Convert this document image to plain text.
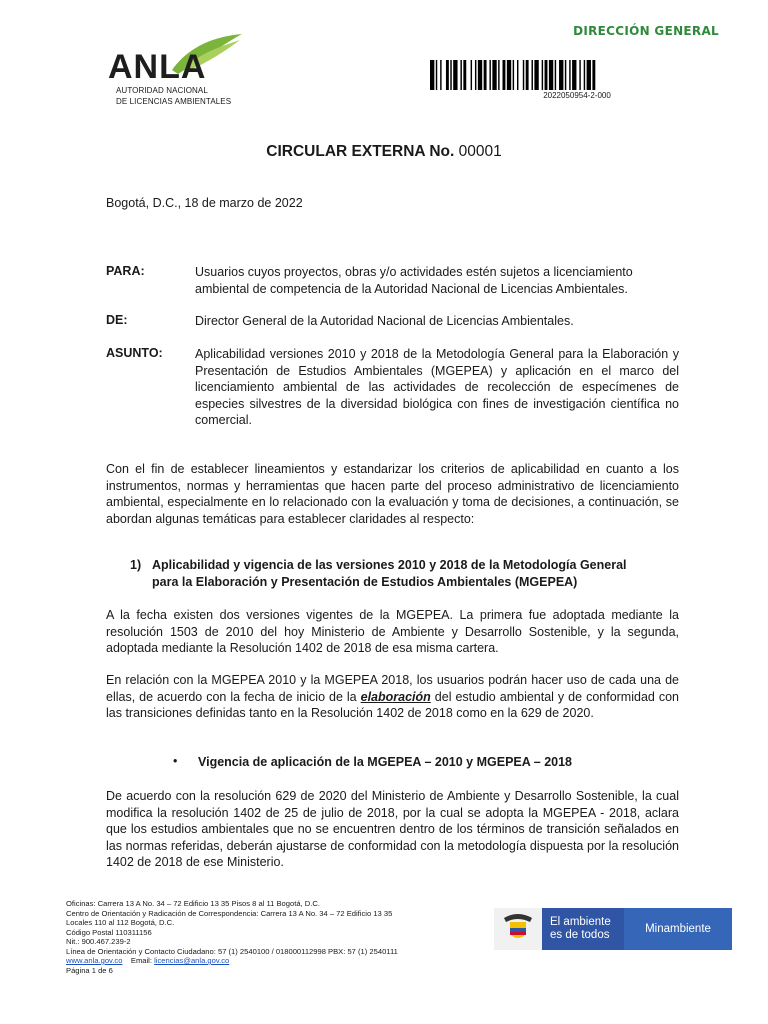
ANLA
AUTORIDAD NACIONAL
DE LICENCIAS AMBIENTALES
DIRECCIÓN GENERAL
2022050954-2-000
CIRCULAR EXTERNA No. 00001
Bogotá, D.C., 18 de marzo de 2022
PARA:	Usuarios cuyos proyectos, obras y/o actividades estén sujetos a licenciamiento
ambiental de competencia de la Autoridad Nacional de Licencias Ambientales.
DE:	Director General de la Autoridad Nacional de Licencias Ambientales.
ASUNTO:	Aplicabilidad versiones 2010 y 2018 de la Metodología General para la Elaboración y Presentación de Estudios Ambientales (MGEPEA) y aplicación en el marco del licenciamiento ambiental de las actividades de recolección de especímenes de especies silvestres de la diversidad biológica con fines de investigación científica no comercial.
Con el fin de establecer lineamientos y estandarizar los criterios de aplicabilidad en cuanto a los instrumentos, normas y herramientas que hacen parte del proceso administrativo de licenciamiento ambiental, especialmente en lo relacionado con la evaluación y toma de decisiones, a continuación, se abordan algunas temáticas para establecer claridades al respecto:
1) Aplicabilidad y vigencia de las versiones 2010 y 2018 de la Metodología General
para la Elaboración y Presentación de Estudios Ambientales (MGEPEA)
A la fecha existen dos versiones vigentes de la MGEPEA. La primera fue adoptada mediante la resolución 1503 de 2010 del hoy Ministerio de Ambiente y Desarrollo Sostenible, y la segunda, adoptada mediante la Resolución 1402 de 2018 de esa misma cartera.
En relación con la MGEPEA 2010 y la MGEPEA 2018, los usuarios podrán hacer uso de cada una de ellas, de acuerdo con la fecha de inicio de la elaboración del estudio ambiental y de conformidad con las transiciones definidas tanto en la Resolución 1402 de 2018 como en la 629 de 2020.
• Vigencia de aplicación de la MGEPEA – 2010 y MGEPEA – 2018
De acuerdo con la resolución 629 de 2020 del Ministerio de Ambiente y Desarrollo Sostenible, la cual modifica la resolución 1402 de 25 de julio de 2018, por la cual se adopta la MGEPEA - 2018, aclara que los estudios ambientales que no se encuentren dentro de los términos de transición señalados en las normas referidas, deberán ajustarse de conformidad con la metodología dispuesta por la resolución 1402 de 2018 de ese Ministerio.
Oficinas: Carrera 13 A No. 34 – 72 Edificio 13 35 Pisos 8 al 11 Bogotá, D.C.
Centro de Orientación y Radicación de Correspondencia: Carrera 13 A No. 34 – 72 Edificio 13 35
Locales 110 al 112 Bogotá, D.C.
Código Postal 110311156
Nit.: 900.467.239-2
Línea de Orientación y Contacto Ciudadano: 57 (1) 2540100 / 018000112998 PBX: 57 (1) 2540111
www.anla.gov.co Email: licencias@anla.gov.co
Página 1 de 6
El ambiente
es de todos	Minambiente
